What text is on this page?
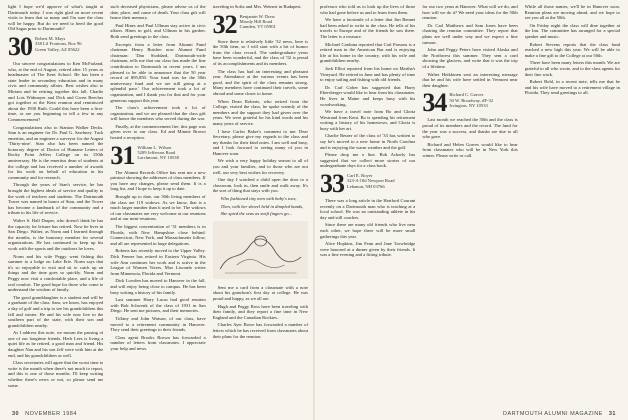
light I hope we'd approve of what's taught at Dartmouth today. I was right glad on more recent visits to learn that so many and I'm sure the class will be happy. But do we need to heed the good Old Sagas prior to Dartmouth?

30 Robert M. Mays
338 Lil Frontons, Box 96
Green Valley, AZ 85622

Our sincere congratulations to Ken McFarland, who, at the end of August, retired after 15 years as headmaster of The Kent School. He has been a state leader in secondary education and in many civic and community affairs. Best wishes also to Miriam and he retiring together this fall. Charlie and Lois Widmayer and Dick and Gwen Beecher got together at the Kent reunion and reminisced about the 1930 Ruth. Could this have been a first-time, or are you beginning to tell a few in any Commencement?

Congratulations also to Stanton Walker Decks. Stan is an engineer for Dr. Paul G. Sawhney. Tuck emeritus, and an engineer a surveyor for the August 'Thirty-nine'. Stan also has been named the honorary degree of Doctor of Humane Letters of Rocky Point Jeffers College on its 150th anniversary. He is the emeritus dean of students at the college and has received a number of awards for his work on behalf of education in his community and for research.

Through the years of Stan's service, he has brought the highest ideals of service and quality to the work of teachers and students. The Dartmouth Tower was named in honor of Stan, and the Tower has become a landmark of the community and a tribute to his life of service.

Walter S. Hall Draper, who doesn't think he has the capacity for leisure has retired. Now he lives in San Diego. Walter, as Norm and I learned through the months, is the honorary member for several organizations. He has continued to keep up his work with the sports and the outdoors he loves.

Norm and his wife Peggy went fishing this summer to a lodge on Lake Erie. Norm says that it's so enjoyable to visit and sit to catch up on things and the time goes so quickly. Norm and Peggy now visit a comfortable place, and a life of real comfort. The good hope for those who come to understand the wisdom of family.

The good granddaughter is a student and will be a graduate of the class. Sam, we know, has enjoyed a day of golf and a trip to see his grandchildren this fall and winter. He and his wife now live in the southern part of the state, with their son and grandchildren nearby.

As I address this note, we mourn the passing of one of our longtime friends. Herb Lees is living a quiet life as he retired, a good man and friend. His daughter Nan and his son Jeff were with him at the end, and his grandchildren as well.

Class secretaries will agree that the worst time to write is the month when there's not much to report, and this is one of those months. I'll keep writing whether there's news or not, so please send me some.

such deceased physicians, please advise us of the date, place, and cause of death. Your class gift will honor their memory.

Paul Hines and Paul Ullman stay active in civic affairs. Hines in golf, and Ullman in his garden. Both send greetings to the class.

Excerpts from a letter from Alumni Fund chairman Henry Butcher now Alumni Fund chairman: 'Dan Stoddard, Dartmouth-wide chairman, tells me that our class has made the fine contribution to Dartmouth in recent years. I am pleased to be able to announce that the 50 year record of $95,850. Your fund was for the 50th anniversary fund and we are still going at a splendid pace.' Our achievement took a lot of organization, and I thank you for that and for your generous support this year.

The class's achievement took a lot of organization, and we are pleased that the class gift will honor the members who served during the war.

Finally, at the commencement fire, this page was given over to our class. Ed and Minnie Brown hosted a reception.

31 William L. Wilson
5209 Jefferson Road
Larchmont, NY 10538

The Alumni Records Office has sent me a new printout showing the addresses of class members. If you have any changes, please send them. It is a long list, and I hope to keep it up to date.

Brought up to date, our 50th living members of the class are 119 widows. As we know, that is a much larger number than it used to be. The widows of our classmates are very welcome at our reunions and at our mini-reunions.

The biggest concentration of '31 members is in Florida, with New Hampshire close behind. Connecticut, New York, and Massachusetts follow, and all are represented in large delegations.

Roberts has recently moved to the Upper Valley. Dick Fenner has retired in Eastern Virginia. His wife Ann continues her work and is active in the League of Women Voters. Max Liscomb writes from Minnesota, Florida and Vermont.

Dick Lowden has moved to Hanover in the fall, and will enjoy being close to campus. He has been busy writing a history of his family.

Last summer Harry Lucas had good reunion with Bob Schwenk of the class of 1931 in San Diego. He sent me pictures, and their memories.

Tiffany and John Watson, of our class, have moved to a retirement community in Hanover. They send their greetings to their friends.

Class agent Brooks Brown has forwarded a number of letters from classmates. I appreciate your help and news.

traveling in Sofia and Mrs. Weinert in Budapest.

32 Benjamin W. Drew
Moody Hill Road
Camden, VT 05901

Since there is relatively little '32 news, here is the 50th item, so I will start with a bit of humor from the class record. The undergraduate years have been wonderful, and the class of '32 is proud of its accomplishments and its members.

The class has had an interesting and pleasant year. Attendance at the various events has been good, and the spirit of the class remains strong. Many members have continued their travels, some abroad and some closer to home.

When Dean Roberts, who retired from the College, visited the class, he spoke warmly of the members and the support they had given over the years. We were grateful for his kind words and his many years of service.

I have Carlos Baker's comment to me: Dear Secretary, please give my regards to the class and my thanks for their kind notes. I am well and busy, and I look forward to seeing many of you in Hanover soon.

We wish a very happy holiday season to all of you and your families, and to those who are not well, our very best wishes for recovery.

One day I watched a child open the door to a classroom, look in, then smile and walk away. It's the sort of thing that stays with you.

Who fashioned tiny men with baby's toes,

Then, with her shovel held in dimpled hands,

She spied the seas as swift fingers go...

Sent me a card from a classmate with a note about his grandson's first day at college. He was proud and happy, as we all are.

Hugh and Peggy Ross have been traveling with their family, and they report a fine time in New England and the Canadian Rockies.

Charles Ayer Bowe has forwarded a number of letters which he has received from classmates about their plans for the reunion.

30 NOVEMBER 1984

professor who told us to look up the lives of those who had gone before us and to learn from them.

We have a facsimile of a letter that Jim Bennet had been asked to write to the class. He tells of his travels to Europe and of the friends he saw there. The letter is a treasure.

Michael Cardona reported that Carl Parsons is a retired man in the American Bar and is enjoying life at his home in the country, with his wife and grandchildren nearby.

Jack Elliot reported from his home on Martha's Vineyard. He retired in June and has plenty of time to enjoy sailing and fishing with old friends.

Dr. Carl Gober has suggested that Harry Ebersberger would like to hear from his classmates. He lives in Maine and keeps busy with his woodworking.

We have a travel note from Bo and Gloria Westrand from Kent. Bo is spending his retirement writing a history of his hometown, and Gloria is busy with her art.

Charlie Reuter of the class of '33 has written to say he's moved to a new home in North Carolina and is enjoying the warm weather and the golf.

Please drop me a line. Bob Ackerly has suggested that we collect more stories of our undergraduate days for a class book.

33 Carl E. Royer
323-A Old Newport Road
Lebanon, NH 03766

There was a long article in the Hartford Courant recently on a Dartmouth man who is teaching at a local school. He was an outstanding athlete in his day and still coaches.

Since there are many old friends who live near each other, we hope there will be more small gatherings this year.

Alice Hopkins, Jim Fenn and Jane Trowbridge were honored at a dinner given by their friends. It was a fine evening and a fitting tribute.

for our two years at Hanover. What will we do, and how will we do it? We need your ideas for the 50th reunion.

Dr. Carl Matthews and Sam Jones have been chairing the reunion committee. They report that plans are well under way and we expect a fine turnout.

John and Peggy Peters have visited Alaska and the Northwest this summer. They sent a card showing the glaciers, and write that it was the trip of a lifetime.

Walter Heikkinen sent an interesting message that he and his wife have settled in Vermont near their daughter.

34 Richard C. Graves
50 W. Broadway, #F-32
Irvington, NY 10533

Last month we reached the 50th and the class is proud of its members and the record. The fund for the year was a success, and thanks are due to all who gave.

Richard and Helen Graves would like to hear from classmates who will be in New York this winter. Please write or call.

While all those names, we'll be in Hanover soon. Reunion plans are moving ahead, and we hope to see you all at the 50th.

On Friday night the class will dine together at the Inn. The committee has arranged for a special speaker and music.

Robert Stevens reports that the class fund reached a new high this year. We will be able to make a fine gift to the College at our 50th.

There have been many letters this month. We are grateful to all who wrote, and to the class agents for their fine work.

Robert Bohl, in a recent note, tells me that he and his wife have moved to a retirement village in Florida. They send greetings to all.

DARTMOUTH ALUMNI MAGAZINE 31
